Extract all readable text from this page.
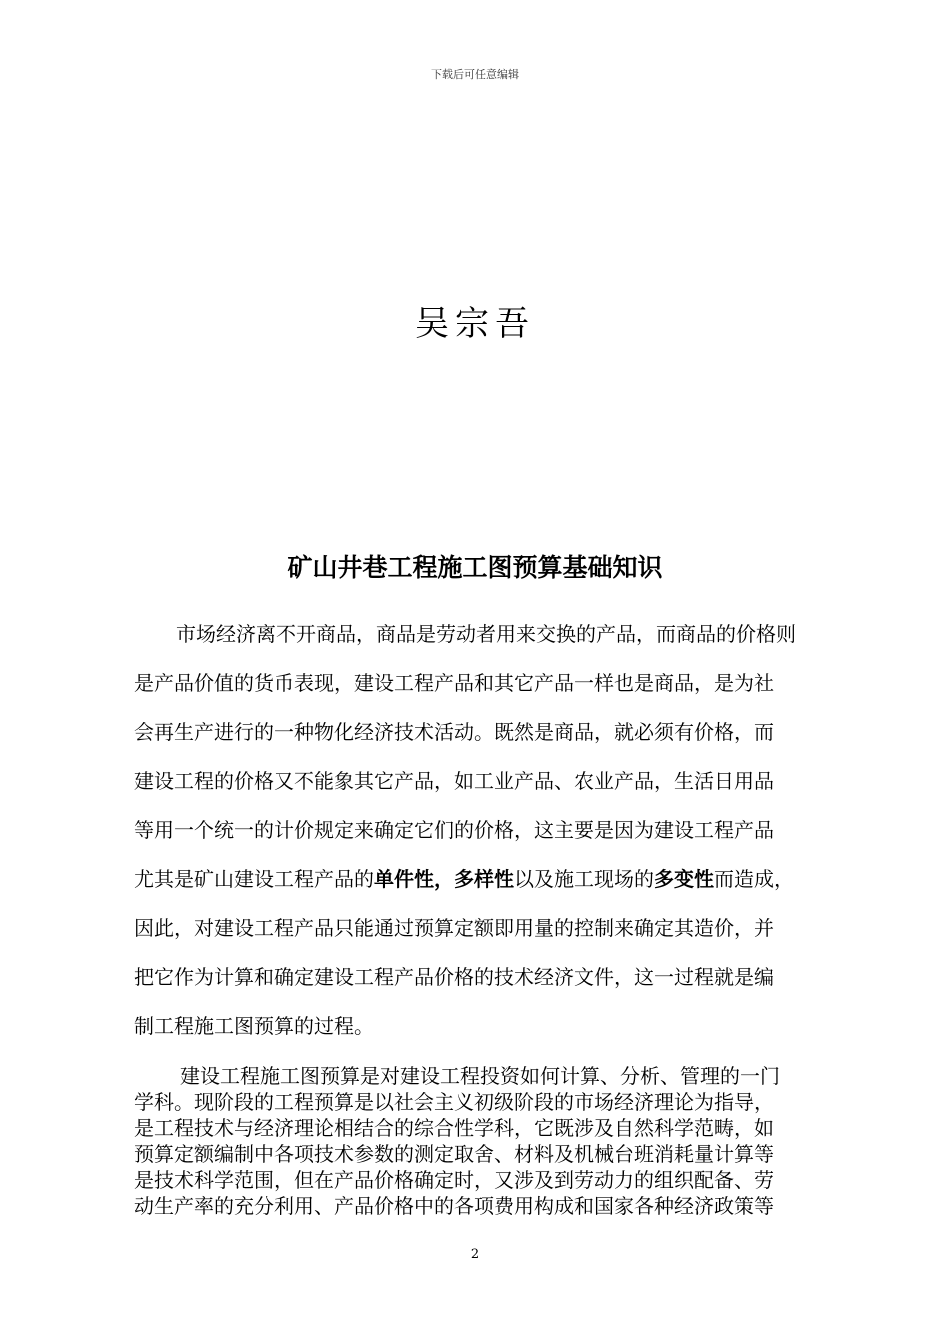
下载后可任意编辑
吴宗吾
矿山井巷工程施工图预算基础知识
市场经济离不开商品，商品是劳动者用来交换的产品，而商品的价格则
是产品价值的货币表现，建设工程产品和其它产品一样也是商品，是为社
会再生产进行的一种物化经济技术活动。既然是商品，就必须有价格，而
建设工程的价格又不能象其它产品，如工业产品、农业产品，生活日用品
等用一个统一的计价规定来确定它们的价格，这主要是因为建设工程产品
尤其是矿山建设工程产品的单件性，多样性以及施工现场的多变性而造成，
因此，对建设工程产品只能通过预算定额即用量的控制来确定其造价，并
把它作为计算和确定建设工程产品价格的技术经济文件，这一过程就是编
制工程施工图预算的过程。
建设工程施工图预算是对建设工程投资如何计算、分析、管理的一门
学科。现阶段的工程预算是以社会主义初级阶段的市场经济理论为指导，
是工程技术与经济理论相结合的综合性学科，它既涉及自然科学范畴，如
预算定额编制中各项技术参数的测定取舍、材料及机械台班消耗量计算等
是技术科学范围，但在产品价格确定时，又涉及到劳动力的组织配备、劳
动生产率的充分利用、产品价格中的各项费用构成和国家各种经济政策等
2
